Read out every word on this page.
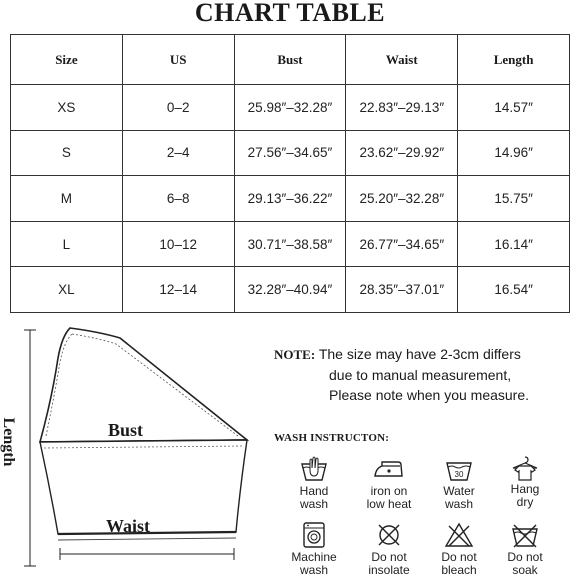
CHART TABLE
Size	US	Bust	Waist	Length
XS	0–2	25.98″–32.28″	22.83″–29.13″	14.57″
S	2–4	27.56″–34.65″	23.62″–29.92″	14.96″
M	6–8	29.13″–36.22″	25.20″–32.28″	15.75″
L	10–12	30.71″–38.58″	26.77″–34.65″	16.14″
XL	12–14	32.28″–40.94″	28.35″–37.01″	16.54″
Length	Bust
Waist
NOTE: The size may have 2-3cm differs
due to manual measurement,
Please note when you measure.
WASH INSTRUCTON:
Hand
wash
iron on
low heat
30
Water
wash
Hang
dry
Machine
wash
Do not
insolate
Do not
bleach
Do not
soak
